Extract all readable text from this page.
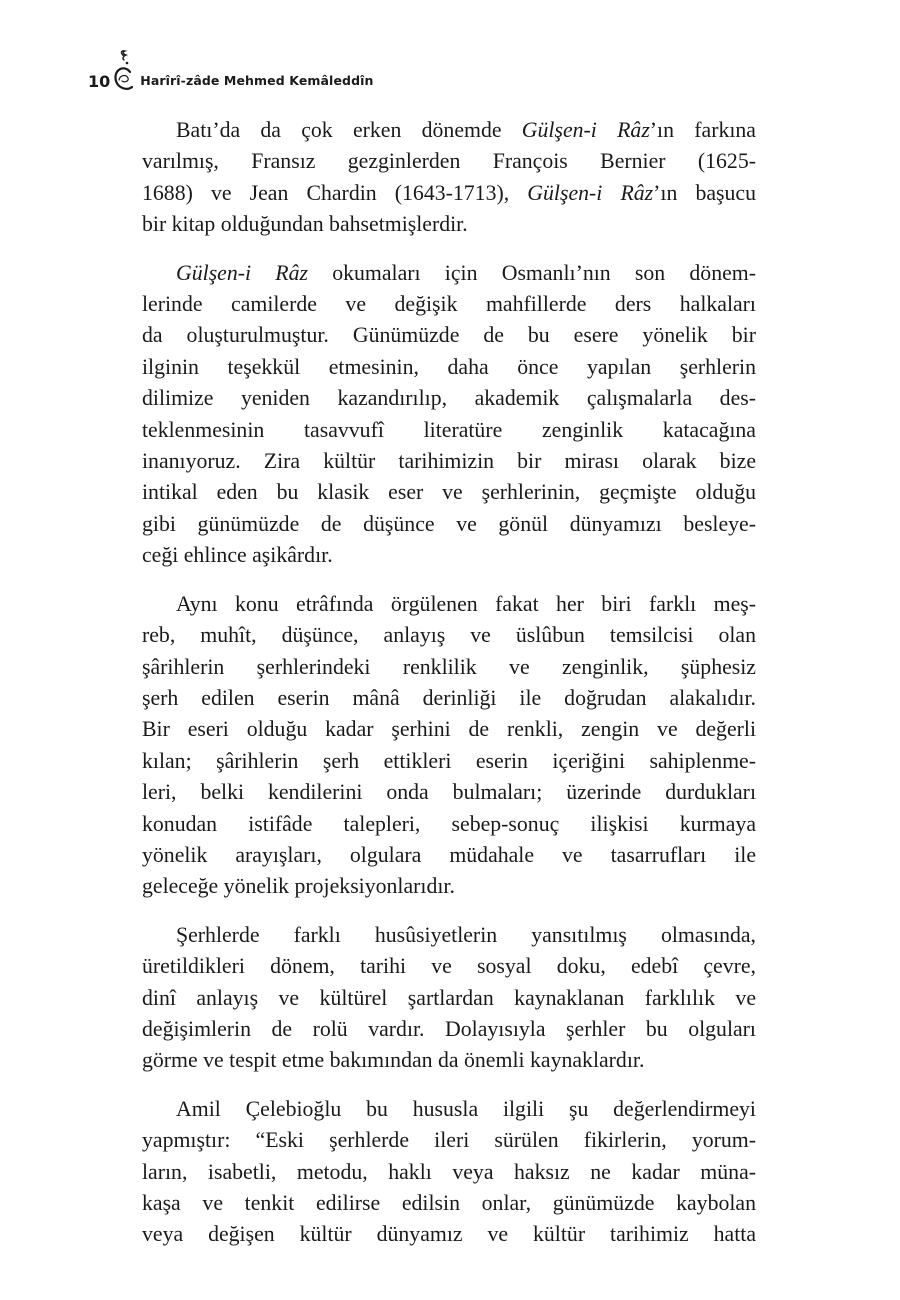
10 Harîrî-zâde Mehmed Kemâleddîn

Batı’da da çok erken dönemde Gülşen-i Râz’ın farkına
varılmış, Fransız gezginlerden François Bernier (1625-
1688) ve Jean Chardin (1643-1713), Gülşen-i Râz’ın başucu
bir kitap olduğundan bahsetmişlerdir.

Gülşen-i Râz okumaları için Osmanlı’nın son dönem-
lerinde camilerde ve değişik mahfillerde ders halkaları
da oluşturulmuştur. Günümüzde de bu esere yönelik bir
ilginin teşekkül etmesinin, daha önce yapılan şerhlerin
dilimize yeniden kazandırılıp, akademik çalışmalarla des-
teklenmesinin tasavvufî literatüre zenginlik katacağına
inanıyoruz. Zira kültür tarihimizin bir mirası olarak bize
intikal eden bu klasik eser ve şerhlerinin, geçmişte olduğu
gibi günümüzde de düşünce ve gönül dünyamızı besleye-
ceği ehlince aşikârdır.

Aynı konu etrâfında örgülenen fakat her biri farklı meş-
reb, muhît, düşünce, anlayış ve üslûbun temsilcisi olan
şârihlerin şerhlerindeki renklilik ve zenginlik, şüphesiz
şerh edilen eserin mânâ derinliği ile doğrudan alakalıdır.
Bir eseri olduğu kadar şerhini de renkli, zengin ve değerli
kılan; şârihlerin şerh ettikleri eserin içeriğini sahiplenme-
leri, belki kendilerini onda bulmaları; üzerinde durdukları
konudan istifâde talepleri, sebep-sonuç ilişkisi kurmaya
yönelik arayışları, olgulara müdahale ve tasarrufları ile
geleceğe yönelik projeksiyonlarıdır.

Şerhlerde farklı husûsiyetlerin yansıtılmış olmasında,
üretildikleri dönem, tarihi ve sosyal doku, edebî çevre,
dinî anlayış ve kültürel şartlardan kaynaklanan farklılık ve
değişimlerin de rolü vardır. Dolayısıyla şerhler bu olguları
görme ve tespit etme bakımından da önemli kaynaklardır.

Amil Çelebioğlu bu hususla ilgili şu değerlendirmeyi
yapmıştır: “Eski şerhlerde ileri sürülen fikirlerin, yorum-
ların, isabetli, metodu, haklı veya haksız ne kadar müna-
kaşa ve tenkit edilirse edilsin onlar, günümüzde kaybolan
veya değişen kültür dünyamız ve kültür tarihimiz hatta
